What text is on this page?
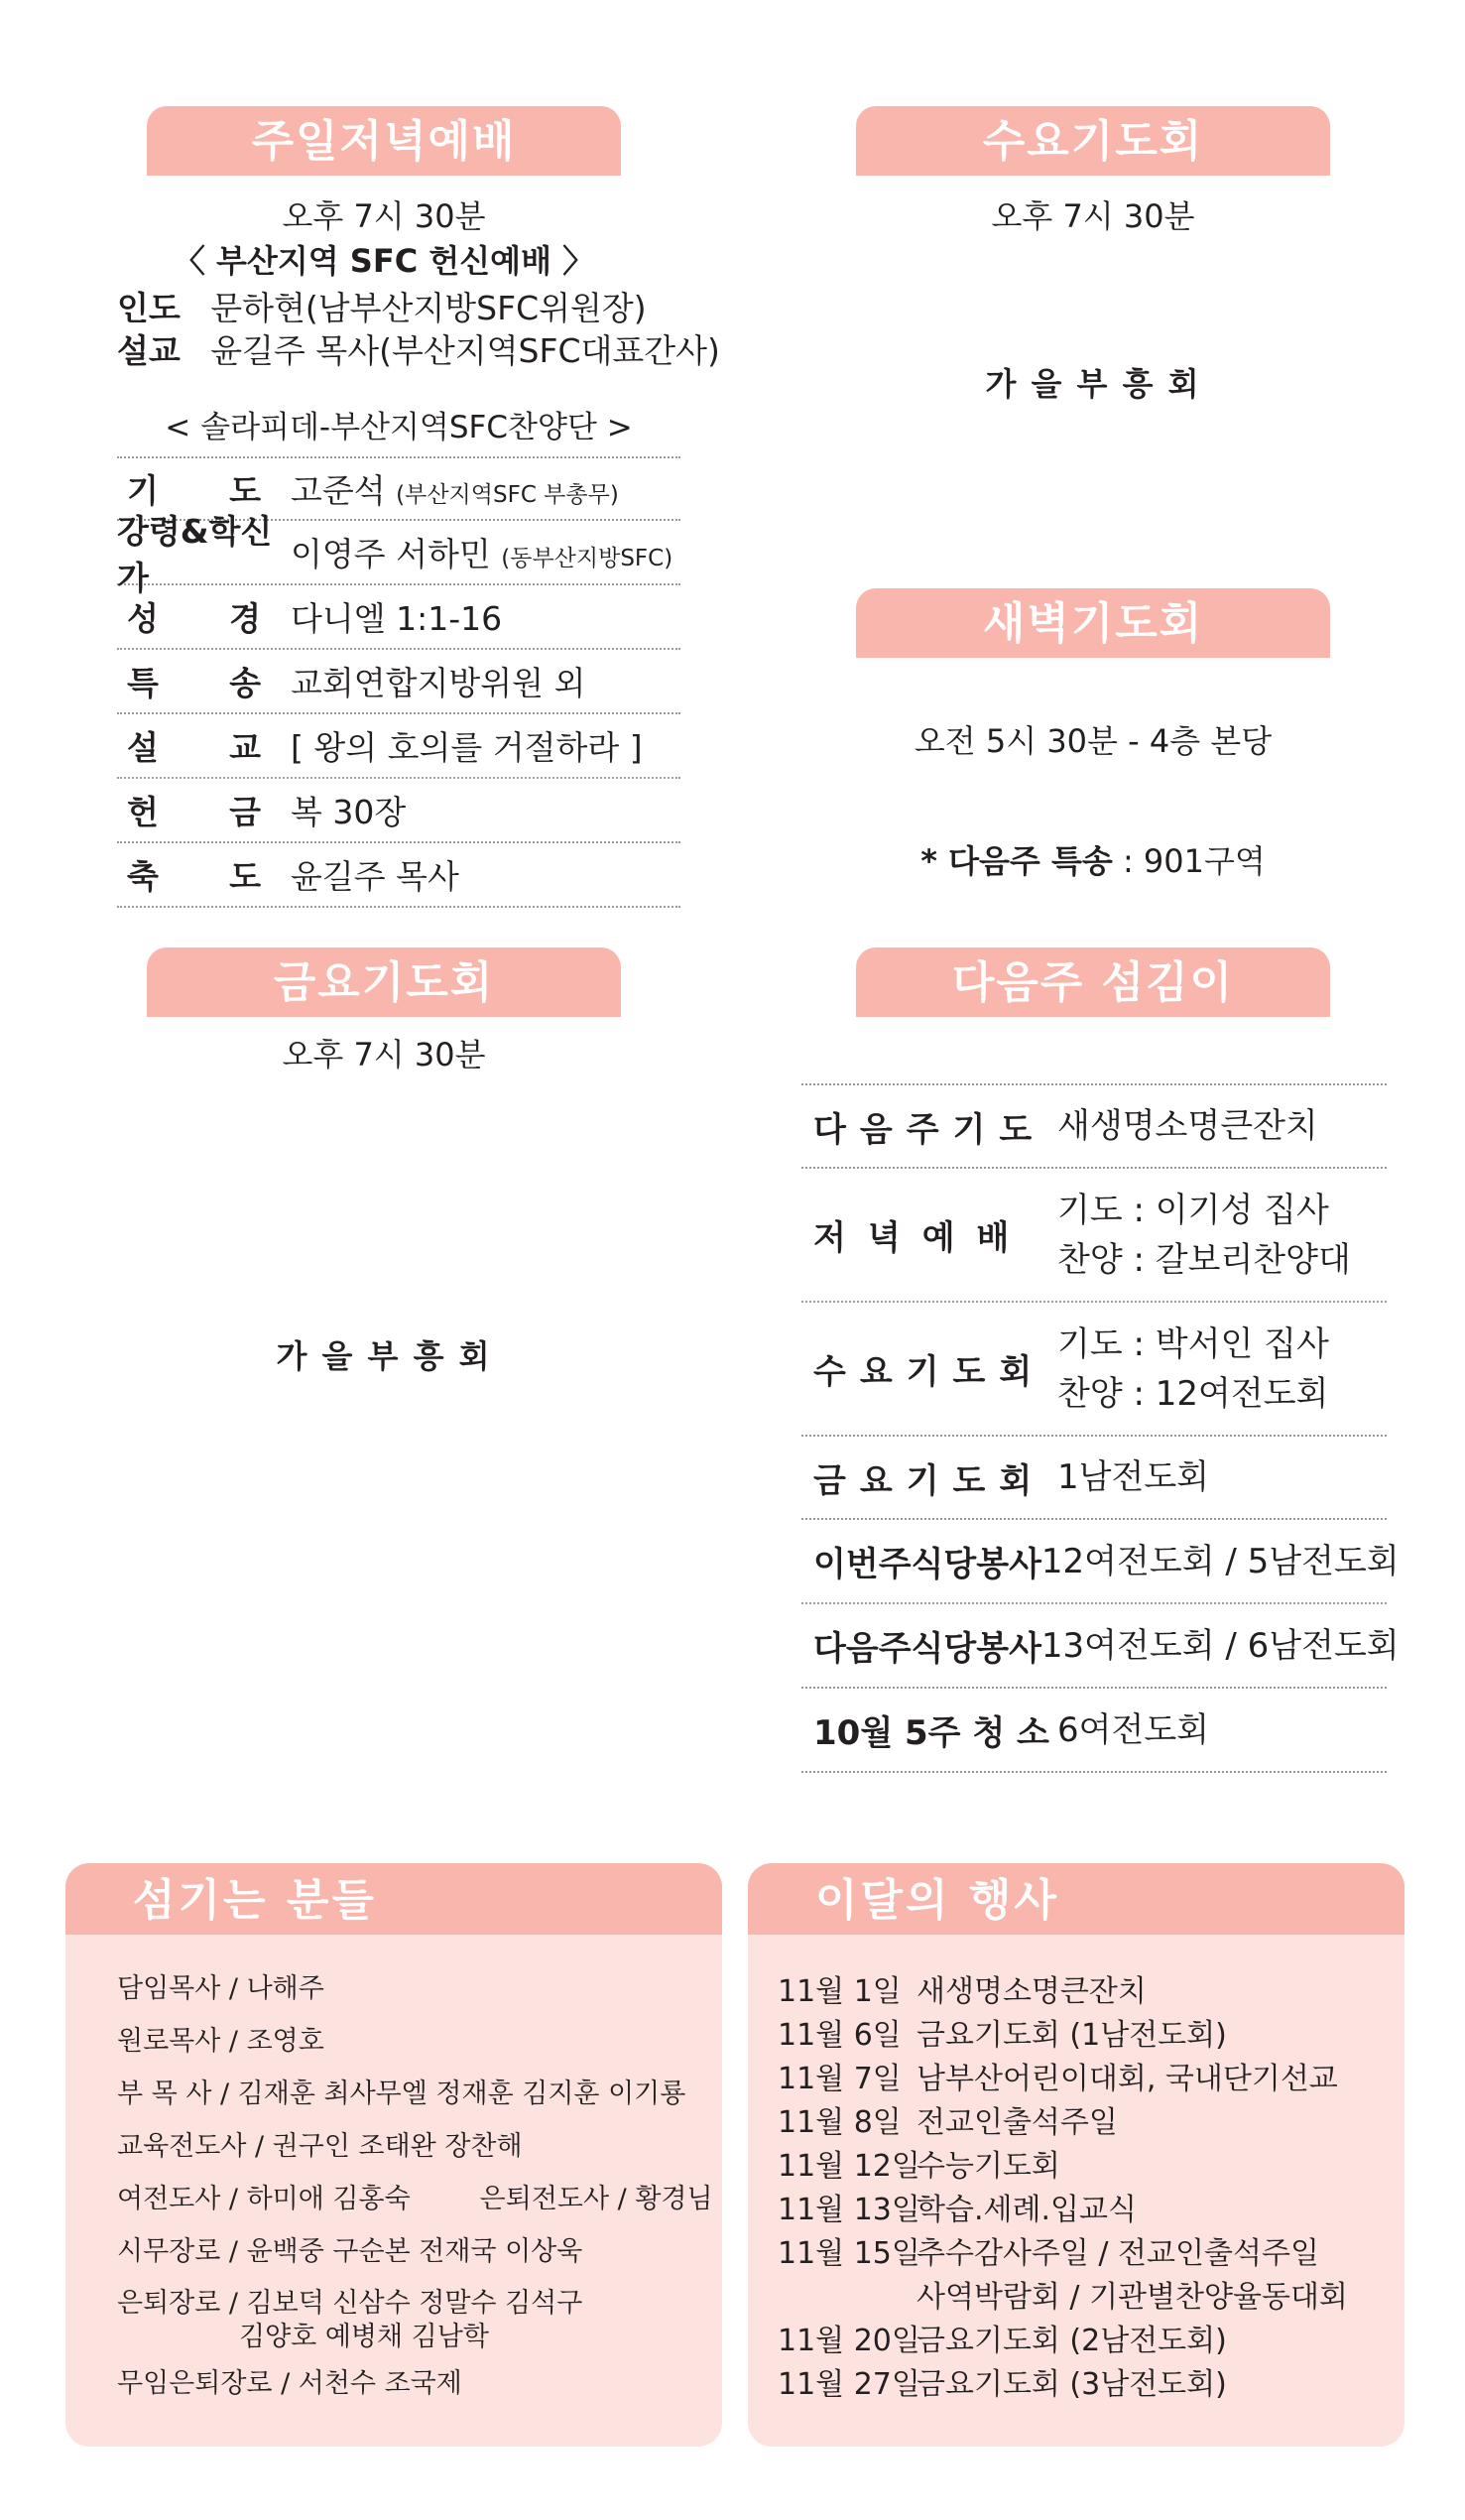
주일저녁예배
오후 7시 30분
〈 부산지역 SFC 헌신예배 〉
인도 문하현(남부산지방SFC위원장)
설교 윤길주 목사(부산지역SFC대표간사)
< 솔라피데-부산지역SFC찬양단 >
기 도 고준석 (부산지역SFC 부총무)
강령&학신가
이영주 서하민 (동부산지방SFC)
성 경 다니엘 1:1-16
특 송 교회연합지방위원 외
설 교 [ 왕의 호의를 거절하라 ]
헌 금 복 30장
축 도 윤길주 목사
금요기도회
오후 7시 30분
가 을 부 흥 회
수요기도회
오후 7시 30분
가 을 부 흥 회
새벽기도회
오전 5시 30분 - 4층 본당
* 다음주 특송 : 901구역
다음주 섬김이
다음주기도 새생명소명큰잔치
저녁예배
기도 : 이기성 집사
찬양 : 갈보리찬양대
수요기도회
기도 : 박서인 집사
찬양 : 12여전도회
금요기도회 1남전도회
이번주식당봉사 12여전도회 / 5남전도회
다음주식당봉사 13여전도회 / 6남전도회
10월 5주 청 소 6여전도회
섬기는 분들
담임목사 / 나해주
원로목사 / 조영호
부 목 사 / 김재훈 최사무엘 정재훈 김지훈 이기룡
교육전도사 / 권구인 조태완 장찬해
여전도사 / 하미애 김홍숙	은퇴전도사 / 황경님
시무장로 / 윤백중 구순본 전재국 이상욱
은퇴장로 / 김보덕 신삼수 정말수 김석구
김양호 예병채 김남학
무임은퇴장로 / 서천수 조국제
이달의 행사
11월 1일 새생명소명큰잔치
11월 6일 금요기도회 (1남전도회)
11월 7일 남부산어린이대회, 국내단기선교
11월 8일 전교인출석주일
11월 12일
수능기도회
11월 13일
학습.세례.입교식
11월 15일
추수감사주일 / 전교인출석주일
사역박람회 / 기관별찬양율동대회
11월 20일
금요기도회 (2남전도회)
11월 27일
금요기도회 (3남전도회)
